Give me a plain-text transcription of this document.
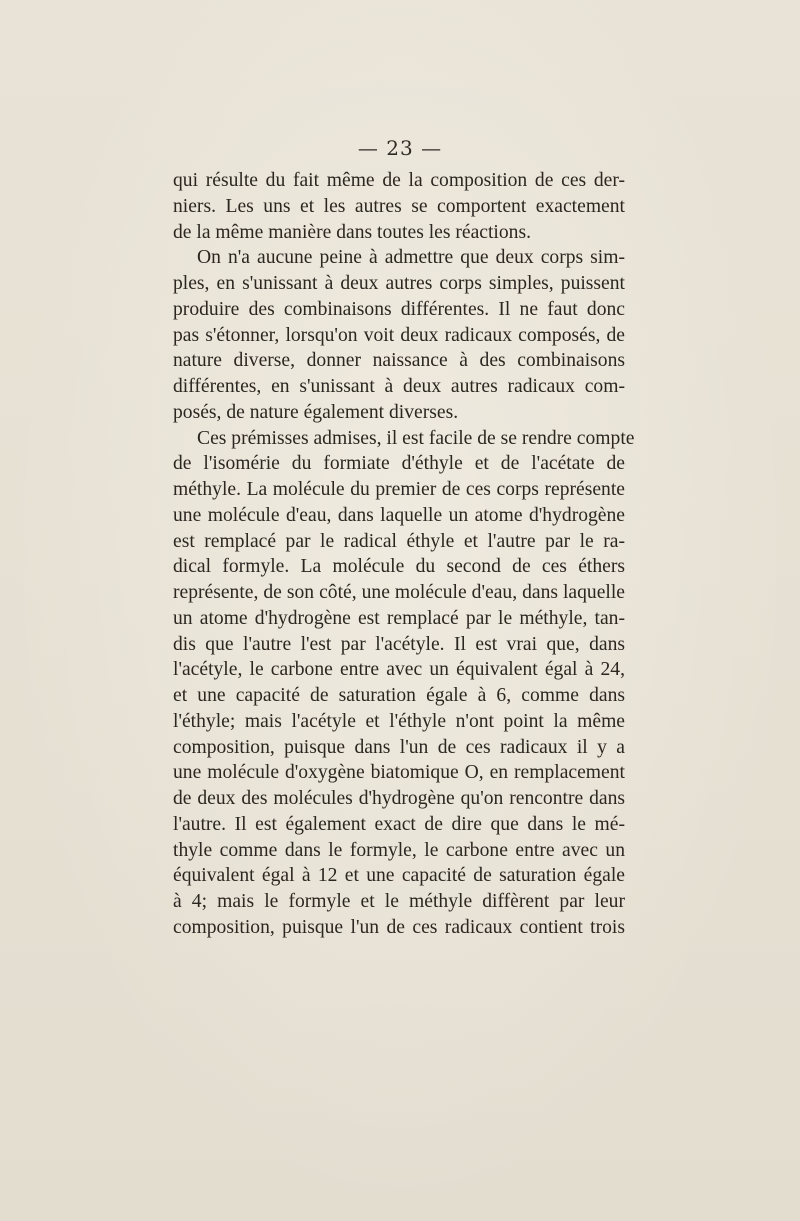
— 23 —
qui résulte du fait même de la composition de ces der-
niers. Les uns et les autres se comportent exactement
de la même manière dans toutes les réactions.
On n'a aucune peine à admettre que deux corps sim-
ples, en s'unissant à deux autres corps simples, puissent
produire des combinaisons différentes. Il ne faut donc
pas s'étonner, lorsqu'on voit deux radicaux composés, de
nature diverse, donner naissance à des combinaisons
différentes, en s'unissant à deux autres radicaux com-
posés, de nature également diverses.
Ces prémisses admises, il est facile de se rendre compte
de l'isomérie du formiate d'éthyle et de l'acétate de
méthyle. La molécule du premier de ces corps représente
une molécule d'eau, dans laquelle un atome d'hydrogène
est remplacé par le radical éthyle et l'autre par le ra-
dical formyle. La molécule du second de ces éthers
représente, de son côté, une molécule d'eau, dans laquelle
un atome d'hydrogène est remplacé par le méthyle, tan-
dis que l'autre l'est par l'acétyle. Il est vrai que, dans
l'acétyle, le carbone entre avec un équivalent égal à 24,
et une capacité de saturation égale à 6, comme dans
l'éthyle; mais l'acétyle et l'éthyle n'ont point la même
composition, puisque dans l'un de ces radicaux il y a
une molécule d'oxygène biatomique O, en remplacement
de deux des molécules d'hydrogène qu'on rencontre dans
l'autre. Il est également exact de dire que dans le mé-
thyle comme dans le formyle, le carbone entre avec un
équivalent égal à 12 et une capacité de saturation égale
à 4; mais le formyle et le méthyle diffèrent par leur
composition, puisque l'un de ces radicaux contient trois
